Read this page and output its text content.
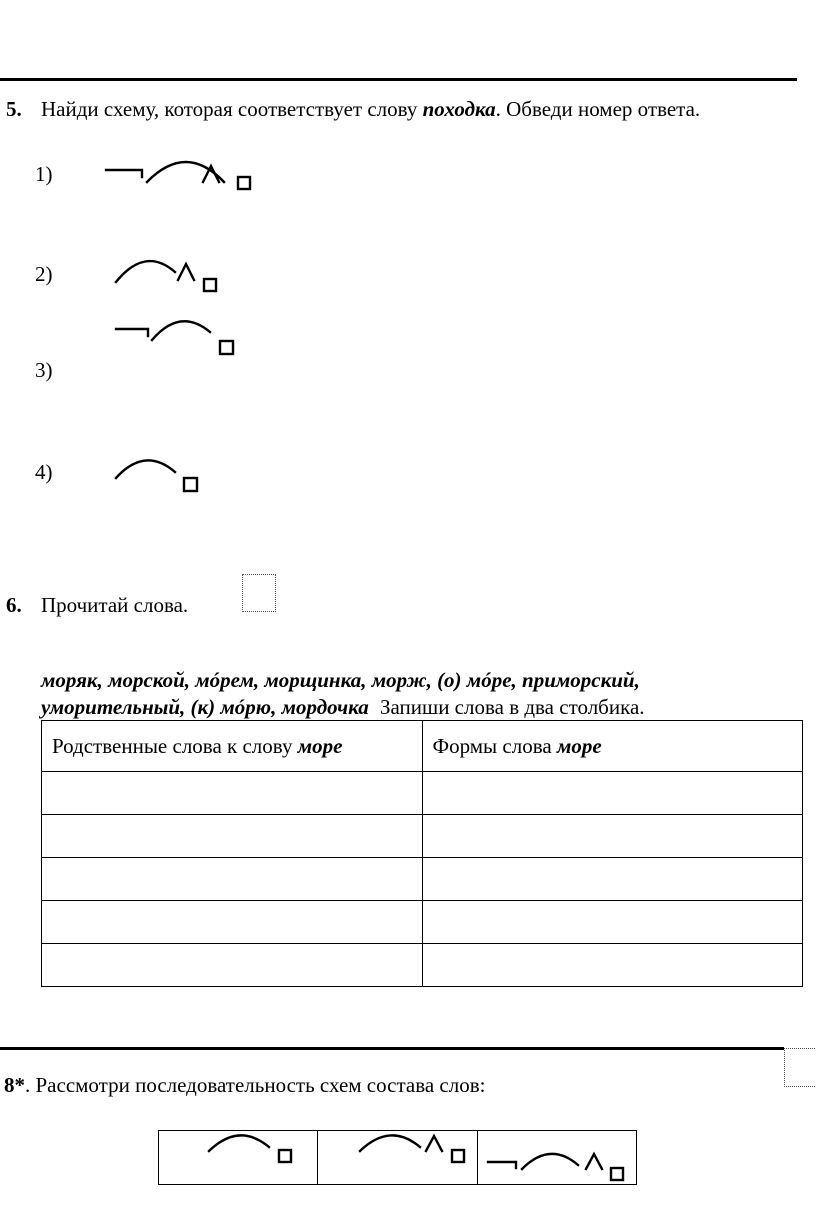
5. Найди схему, которая соответствует слову походка. Обведи номер ответа.
1)
2)
3)
4)
6. Прочитай слова.
моряк, морской, мóрем, морщинка, морж, (о) мóре, приморский,
уморительный, (к) мóрю, мордочка Запиши слова в два столбика.
Родственные слова к слову море	Формы слова море

8*. Рассмотри последовательность схем состава слов:
